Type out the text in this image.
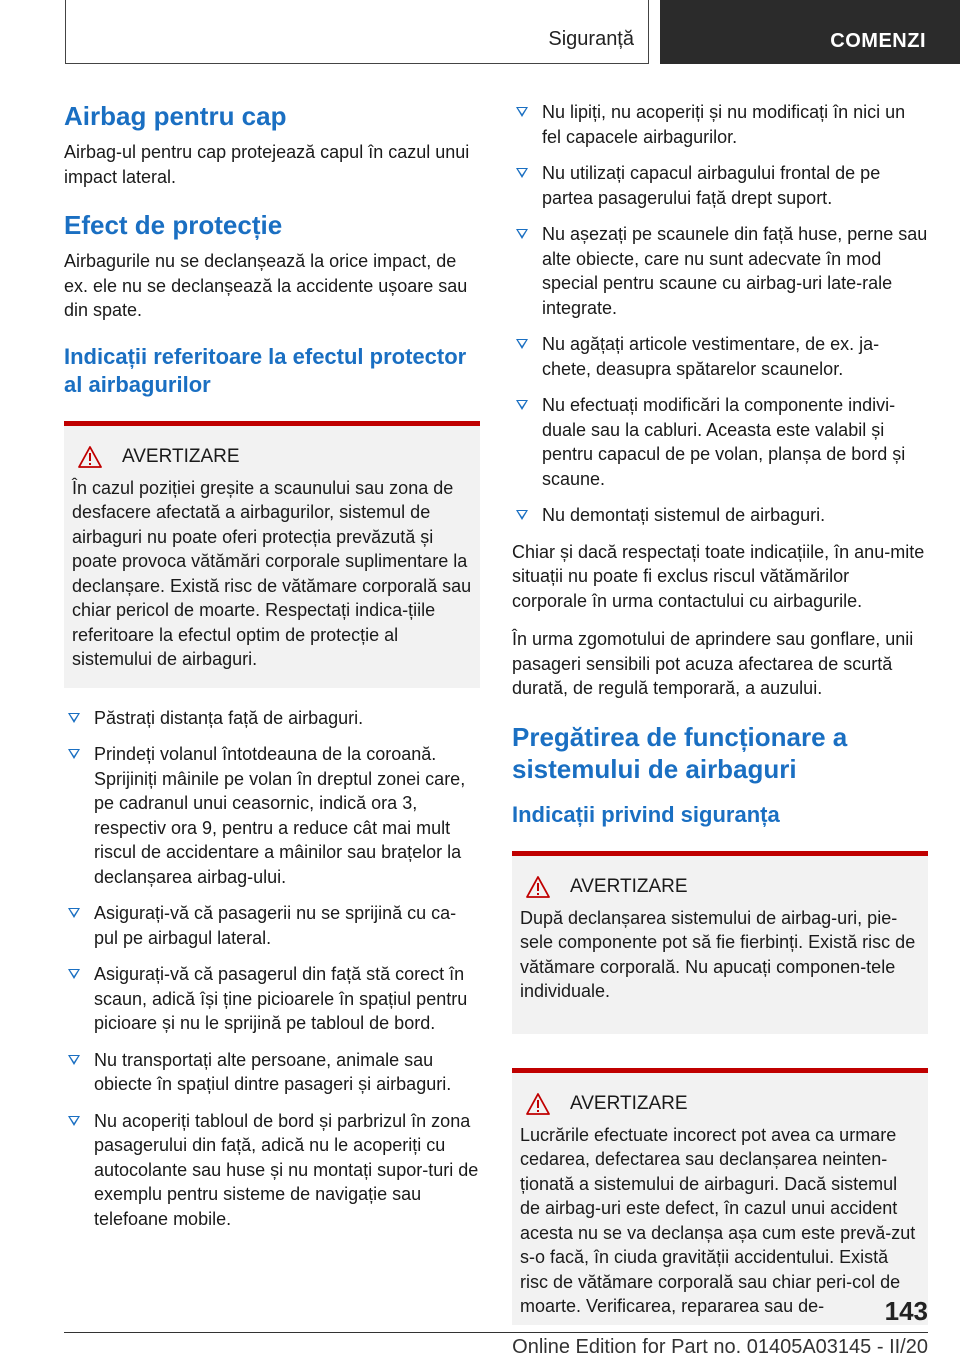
Siguranță	COMENZI
Airbag pentru cap

Airbag-ul pentru cap protejează capul în cazul unui impact lateral.

Efect de protecție

Airbagurile nu se declanșează la orice impact, de ex. ele nu se declanșează la accidente ușoare sau din spate.

Indicații referitoare la efectul protector al airbagurilor
AVERTIZARE

În cazul poziției greșite a scaunului sau zona de desfacere afectată a airbagurilor, sistemul de airbaguri nu poate oferi protecția prevăzută și poate provoca vătămări corporale suplimentare la declanșare. Există risc de vătămare corporală sau chiar pericol de moarte. Respectați indica-țiile referitoare la efectul optim de protecție al sistemului de airbaguri.

Păstrați distanța față de airbaguri.
Prindeți volanul întotdeauna de la coroană. Sprijiniți mâinile pe volan în dreptul zonei care, pe cadranul unui ceasornic, indică ora 3, respectiv ora 9, pentru a reduce cât mai mult riscul de accidentare a mâinilor sau brațelor la declanșarea airbag-ului.
Asigurați-vă că pasagerii nu se sprijină cu ca-pul pe airbagul lateral.
Asigurați-vă că pasagerul din față stă corect în scaun, adică își ține picioarele în spațiul pentru picioare și nu le sprijină pe tabloul de bord.
Nu transportați alte persoane, animale sau obiecte în spațiul dintre pasageri și airbaguri.
Nu acoperiți tabloul de bord și parbrizul în zona pasagerului din față, adică nu le acoperiți cu autocolante sau huse și nu montați supor-turi de exemplu pentru sisteme de navigație sau telefoane mobile.
Nu lipiți, nu acoperiți și nu modificați în nici un fel capacele airbagurilor.
Nu utilizați capacul airbagului frontal de pe partea pasagerului față drept suport.
Nu așezați pe scaunele din față huse, perne sau alte obiecte, care nu sunt adecvate în mod special pentru scaune cu airbag-uri late-rale integrate.
Nu agățați articole vestimentare, de ex. ja-chete, deasupra spătarelor scaunelor.
Nu efectuați modificări la componente indivi-duale sau la cabluri. Aceasta este valabil și pentru capacul de pe volan, planșa de bord și scaune.
Nu demontați sistemul de airbaguri.

Chiar și dacă respectați toate indicațiile, în anu-mite situații nu poate fi exclus riscul vătămărilor corporale în urma contactului cu airbagurile.

În urma zgomotului de aprindere sau gonflare, unii pasageri sensibili pot acuza afectarea de scurtă durată, de regulă temporară, a auzului.

Pregătirea de funcționare a sistemului de airbaguri
Indicații privind siguranța
AVERTIZARE

După declanșarea sistemului de airbag-uri, pie-sele componente pot să fie fierbinți. Există risc de vătămare corporală. Nu apucați componen-tele individuale.

AVERTIZARE

Lucrările efectuate incorect pot avea ca urmare cedarea, defectarea sau declanșarea neinten-ționată a sistemului de airbaguri. Dacă sistemul de airbag-uri este defect, în cazul unui accident acesta nu se va declanșa așa cum este prevă-zut s-o facă, în ciuda gravității accidentului. Există risc de vătămare corporală sau chiar peri-col de moarte. Verificarea, repararea sau de-	143
Online Edition for Part no. 01405A03145 - II/20
